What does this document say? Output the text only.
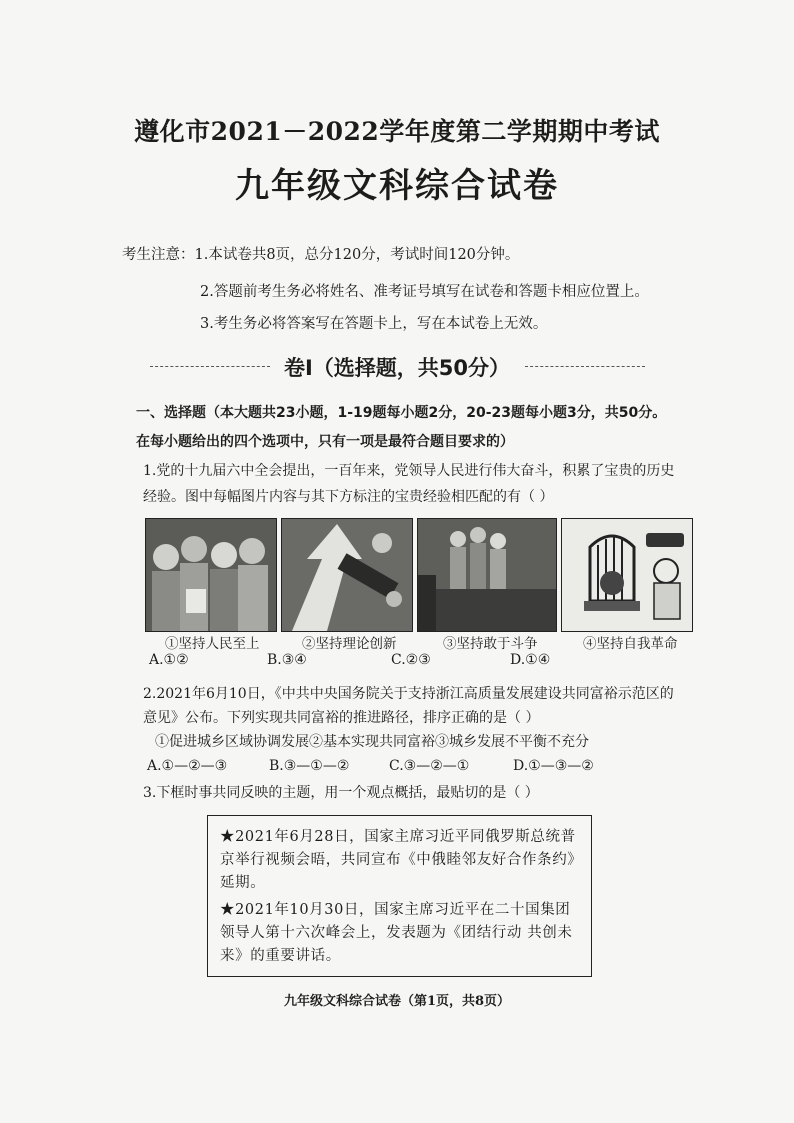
遵化市2021－2022学年度第二学期期中考试
九年级文科综合试卷
考生注意：1.本试卷共8页，总分120分，考试时间120分钟。
2.答题前考生务必将姓名、准考证号填写在试卷和答题卡相应位置上。
3.考生务必将答案写在答题卡上，写在本试卷上无效。
卷Ⅰ（选择题，共50分）
一、选择题（本大题共23小题，1-19题每小题2分，20-23题每小题3分，共50分。
在每小题给出的四个选项中，只有一项是最符合题目要求的）
1.党的十九届六中全会提出，一百年来，党领导人民进行伟大奋斗，积累了宝贵的历史
经验。图中每幅图片内容与其下方标注的宝贵经验相匹配的有（ ）
①坚持人民至上	②坚持理论创新	③坚持敢于斗争	④坚持自我革命
A.①②	B.③④	C.②③	D.①④
2.2021年6月10日，《中共中央国务院关于支持浙江高质量发展建设共同富裕示范区的
意见》公布。下列实现共同富裕的推进路径，排序正确的是（ ）
①促进城乡区域协调发展②基本实现共同富裕③城乡发展不平衡不充分
A.①—②—③	B.③—①—②	C.③—②—①	D.①—③—②
3.下框时事共同反映的主题，用一个观点概括，最贴切的是（ ）

★2021年6月28日，国家主席习近平同俄罗斯总统普京举行视频会晤，共同宣布《中俄睦邻友好合作条约》延期。

★2021年10月30日，国家主席习近平在二十国集团领导人第十六次峰会上，发表题为《团结行动 共创未来》的重要讲话。

九年级文科综合试卷（第1页，共8页）
